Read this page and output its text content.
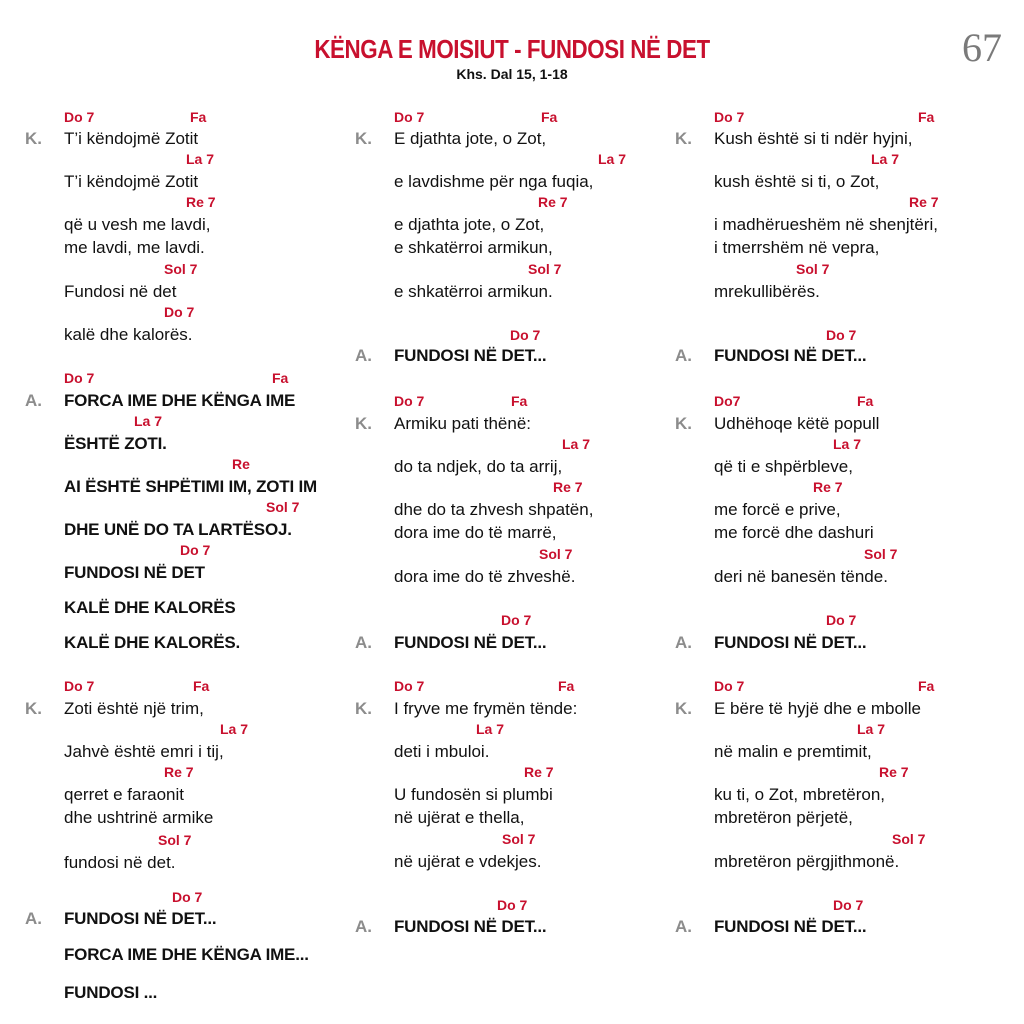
67
KËNGA E MOISIUT - FUNDOSI NË DET
Khs. Dal 15, 1-18
Do 7	Fa
K. T’i këndojmë Zotit
La 7
T’i këndojmë Zotit
Re 7
që u vesh me lavdi,
me lavdi, me lavdi.
Sol 7
Fundosi në det
Do 7
kalë dhe kalorës.
Do 7	Fa
A. FORCA IME DHE KËNGA IME
La 7
ËSHTË ZOTI.
Re
AI ËSHTË SHPËTIMI IM, ZOTI IM
Sol 7
DHE UNË DO TA LARTËSOJ.
Do 7
FUNDOSI NË DET
KALË DHE KALORËS
KALË DHE KALORËS.
Do 7	Fa
K. Zoti është një trim,
La 7
Jahvè është emri i tij,
Re 7
qerret e faraonit
dhe ushtrinë armike
Sol 7
fundosi në det.
Do 7
A. FUNDOSI NË DET...
FORCA IME DHE KËNGA IME...
FUNDOSI ...
Do 7	Fa
K. E djathta jote, o Zot,
La 7
e lavdishme për nga fuqia,
Re 7
e djathta jote, o Zot,
e shkatërroi armikun,
Sol 7
e shkatërroi armikun.
Do 7
A. FUNDOSI NË DET...
Do 7	Fa
K. Armiku pati thënë:
La 7
do ta ndjek, do ta arrij,
Re 7
dhe do ta zhvesh shpatën,
dora ime do të marrë,
Sol 7
dora ime do të zhveshë.
Do 7
A. FUNDOSI NË DET...
Do 7	Fa
K. I fryve me frymën tënde:
La 7
deti i mbuloi.
Re 7
U fundosën si plumbi
në ujërat e thella,
Sol 7
në ujërat e vdekjes.
Do 7
A. FUNDOSI NË DET...
Do 7	Fa
K. Kush është si ti ndër hyjni,
La 7
kush është si ti, o Zot,
Re 7
i madhërueshëm në shenjtëri,
i tmerrshëm në vepra,
Sol 7
mrekullibërës.
Do 7
A. FUNDOSI NË DET...
Do7	Fa
K. Udhëhoqe këtë popull
La 7
që ti e shpërbleve,
Re 7
me forcë e prive,
me forcë dhe dashuri
Sol 7
deri në banesën tënde.
Do 7
A. FUNDOSI NË DET...
Do 7	Fa
K. E bëre të hyjë dhe e mbolle
La 7
në malin e premtimit,
Re 7
ku ti, o Zot, mbretëron,
mbretëron përjetë,
Sol 7
mbretëron përgjithmonë.
Do 7
A. FUNDOSI NË DET...
